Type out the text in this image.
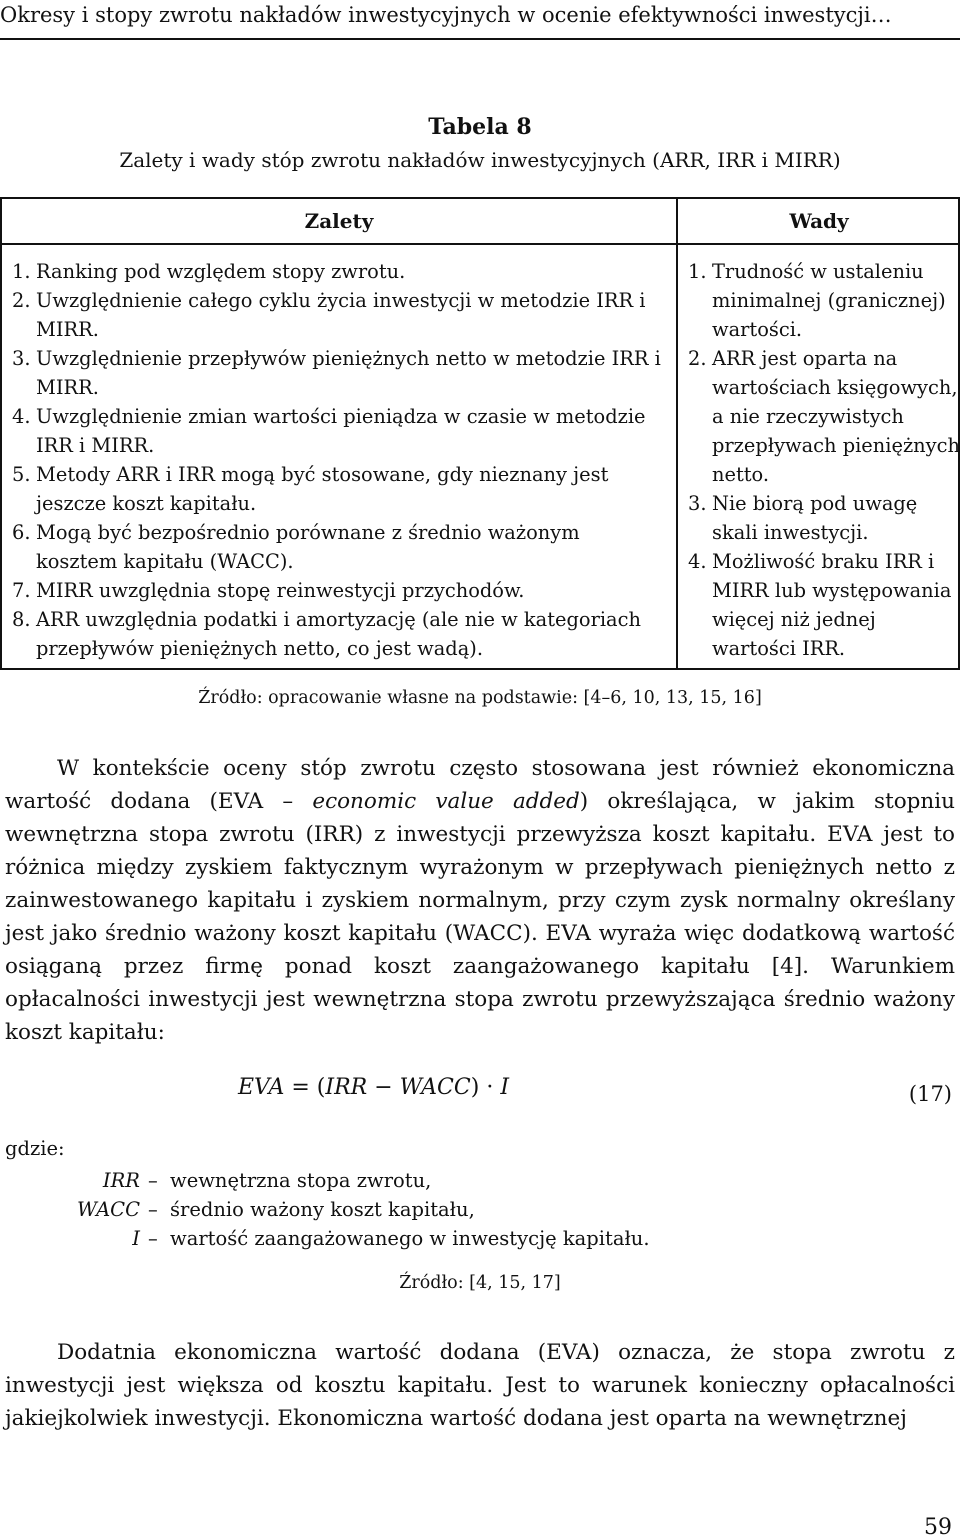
Okresy i stopy zwrotu nakładów inwestycyjnych w ocenie efektywności inwestycji…
Tabela 8
Zalety i wady stóp zwrotu nakładów inwestycyjnych (ARR, IRR i MIRR)
Zalety	Wady
1. Ranking pod względem stopy zwrotu.
2. Uwzględnienie całego cyklu życia inwestycji w metodzie IRR i MIRR.
3. Uwzględnienie przepływów pieniężnych netto w metodzie IRR i MIRR.
4. Uwzględnienie zmian wartości pieniądza w czasie w metodzie IRR i MIRR.
5. Metody ARR i IRR mogą być stosowane, gdy nieznany jest jeszcze koszt kapitału.
6. Mogą być bezpośrednio porównane z średnio ważonym kosztem kapitału (WACC).
7. MIRR uwzględnia stopę reinwestycji przychodów.
8. ARR uwzględnia podatki i amortyzację (ale nie w kategoriach przepływów pieniężnych netto, co jest wadą).
1. Trudność w ustaleniu minimalnej (granicznej) wartości.
2. ARR jest oparta na wartościach księgowych, a nie rzeczywistych przepływach pieniężnych netto.
3. Nie biorą pod uwagę skali inwestycji.
4. Możliwość braku IRR i MIRR lub występowania więcej niż jednej wartości IRR.
Źródło: opracowanie własne na podstawie: [4–6, 10, 13, 15, 16]

W kontekście oceny stóp zwrotu często stosowana jest również ekonomiczna wartość dodana (EVA – economic value added) określająca, w jakim stopniu wewnętrzna stopa zwrotu (IRR) z inwestycji przewyższa koszt kapitału. EVA jest to różnica między zyskiem faktycznym wyrażonym w przepływach pieniężnych netto z zainwestowanego kapitału i zyskiem normalnym, przy czym zysk normalny określany jest jako średnio ważony koszt kapitału (WACC). EVA wyraża więc dodatkową wartość osiąganą przez firmę ponad koszt zaangażowanego kapitału [4]. Warunkiem opłacalności inwestycji jest wewnętrzna stopa zwrotu przewyższająca średnio ważony koszt kapitału:

EVA = (IRR − WACC) · I	(17)
gdzie:
IRR – wewnętrzna stopa zwrotu,
WACC – średnio ważony koszt kapitału,
I – wartość zaangażowanego w inwestycję kapitału.
Źródło: [4, 15, 17]

Dodatnia ekonomiczna wartość dodana (EVA) oznacza, że stopa zwrotu z inwestycji jest większa od kosztu kapitału. Jest to warunek konieczny opłacalności jakiejkolwiek inwestycji. Ekonomiczna wartość dodana jest oparta na wewnętrznej

59
